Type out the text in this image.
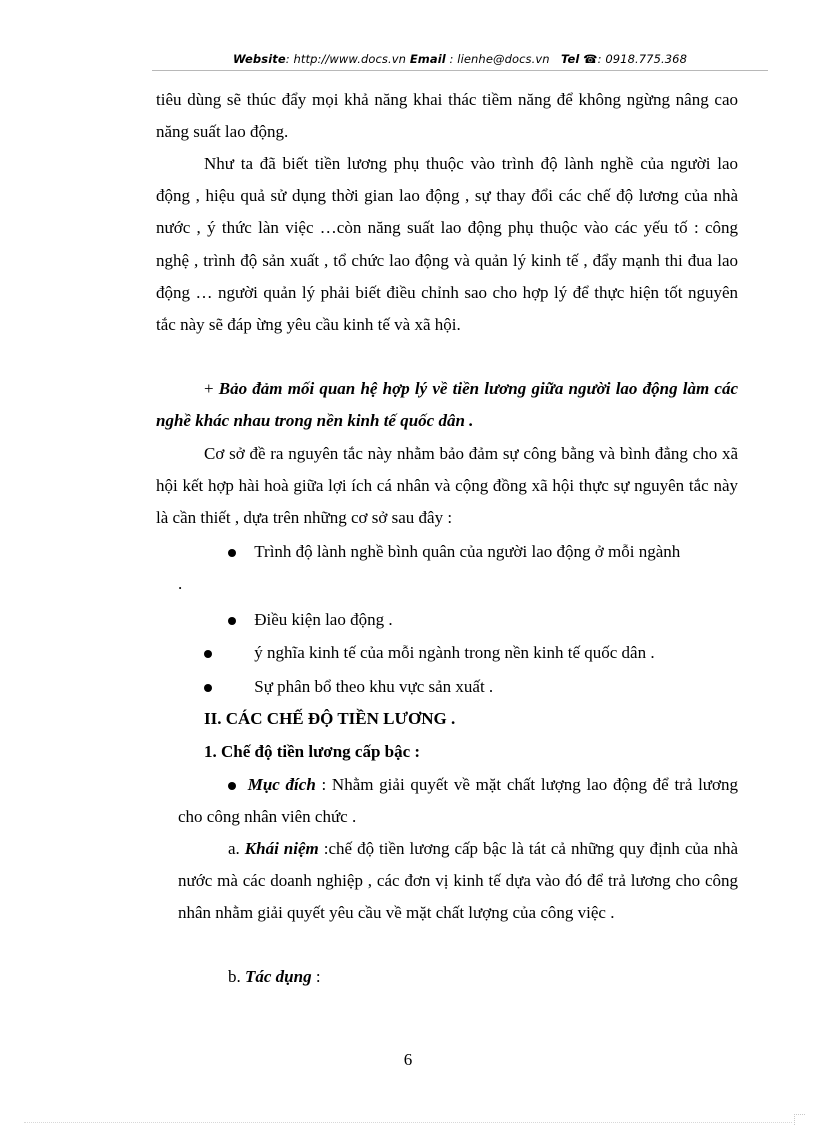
Website: http://www.docs.vn Email : lienhe@docs.vn Tel ☎: 0918.775.368

tiêu dùng sẽ thúc đẩy mọi khả năng khai thác tiềm năng để không ngừng nâng cao năng suất lao động.

Như ta đã biết tiền lương phụ thuộc vào trình độ lành nghề của người lao động , hiệu quả sử dụng thời gian lao động , sự thay đổi các chế độ lương của nhà nước , ý thức làn việc …còn năng suất lao động phụ thuộc vào các yếu tố : công nghệ , trình độ sản xuất , tổ chức lao động và quản lý kinh tế , đẩy mạnh thi đua lao động … người quản lý phải biết điều chỉnh sao cho hợp lý để thực hiện tốt nguyên tắc này sẽ đáp ừng yêu cầu kinh tế và xã hội.

+ Bảo đảm mối quan hệ hợp lý về tiền lương giữa người lao động làm các nghề khác nhau trong nền kinh tế quốc dân .

Cơ sở đề ra nguyên tắc này nhằm bảo đảm sự công bằng và bình đẳng cho xã hội kết hợp hài hoà giữa lợi ích cá nhân và cộng đồng xã hội thực sự nguyên tắc này là cần thiết , dựa trên những cơ sở sau đây :

Trình độ lành nghề bình quân của người lao động ở mỗi ngành
.
Điều kiện lao động .
ý nghĩa kinh tế của mỗi ngành trong nền kinh tế quốc dân .
Sự phân bổ theo khu vực sản xuất .
II. CÁC CHẾ ĐỘ TIỀN LƯƠNG .
1. Chế độ tiền lương cấp bậc :
Mục đích : Nhằm giải quyết về mặt chất lượng lao động để trả lương cho công nhân viên chức .
a. Khái niệm :chế độ tiền lương cấp bậc là tát cả những quy định của nhà nước mà các doanh nghiệp , các đơn vị kinh tế dựa vào đó để trả lương cho công nhân nhằm giải quyết yêu cầu về mặt chất lượng của công việc .
b. Tác dụng :
6
